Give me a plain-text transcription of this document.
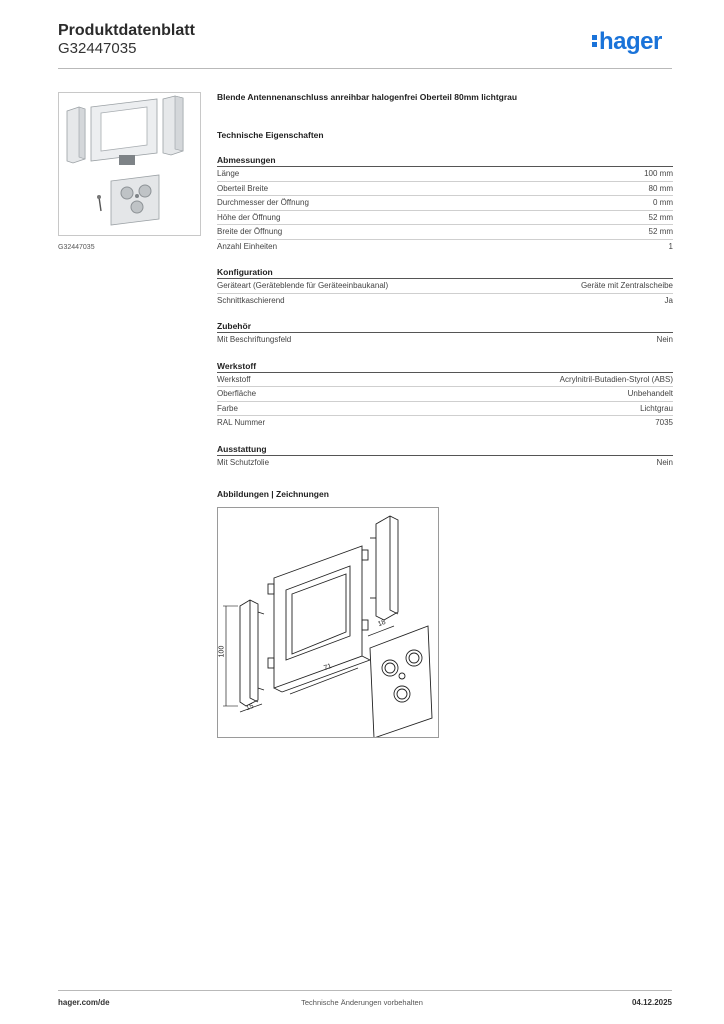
Produktdatenblatt
G32447035	hager
G32447035
Blende Antennenanschluss anreihbar halogenfrei Oberteil 80mm lichtgrau
Technische Eigenschaften
Abmessungen
Länge	100 mm
Oberteil Breite	80 mm
Durchmesser der Öffnung	0 mm
Höhe der Öffnung	52 mm
Breite der Öffnung	52 mm
Anzahl Einheiten	1
Konfiguration
Geräteart (Geräteblende für Geräteeinbaukanal)	Geräte mit Zentralscheibe
Schnittkaschierend	Ja
Zubehör
Mit Beschriftungsfeld	Nein
Werkstoff
Werkstoff	Acrylnitril-Butadien-Styrol (ABS)
Oberfläche	Unbehandelt
Farbe	Lichtgrau
RAL Nummer	7035
Ausstattung
Mit Schutzfolie	Nein
Abbildungen | Zeichnungen
100
15
71
18
hager.com/de	Technische Änderungen vorbehalten	04.12.2025
